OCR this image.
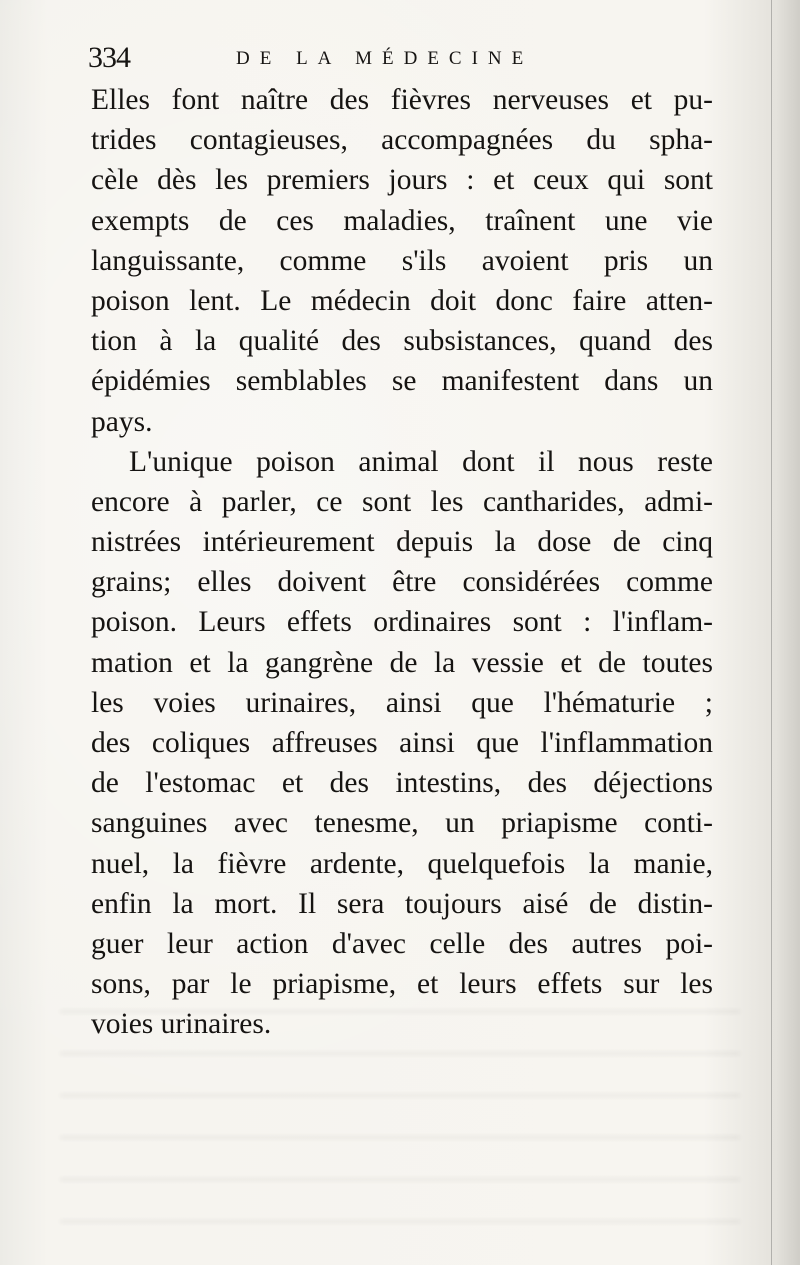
334	DE LA MÉDECINE
Elles font naître des fièvres nerveuses et pu-
trides contagieuses, accompagnées du spha-
cèle dès les premiers jours : et ceux qui sont
exempts de ces maladies, traînent une vie
languissante, comme s'ils avoient pris un
poison lent. Le médecin doit donc faire atten-
tion à la qualité des subsistances, quand des
épidémies semblables se manifestent dans un
pays.
L'unique poison animal dont il nous reste
encore à parler, ce sont les cantharides, admi-
nistrées intérieurement depuis la dose de cinq
grains; elles doivent être considérées comme
poison. Leurs effets ordinaires sont : l'inflam-
mation et la gangrène de la vessie et de toutes
les voies urinaires, ainsi que l'hématurie ;
des coliques affreuses ainsi que l'inflammation
de l'estomac et des intestins, des déjections
sanguines avec tenesme, un priapisme conti-
nuel, la fièvre ardente, quelquefois la manie,
enfin la mort. Il sera toujours aisé de distin-
guer leur action d'avec celle des autres poi-
sons, par le priapisme, et leurs effets sur les
voies urinaires.
